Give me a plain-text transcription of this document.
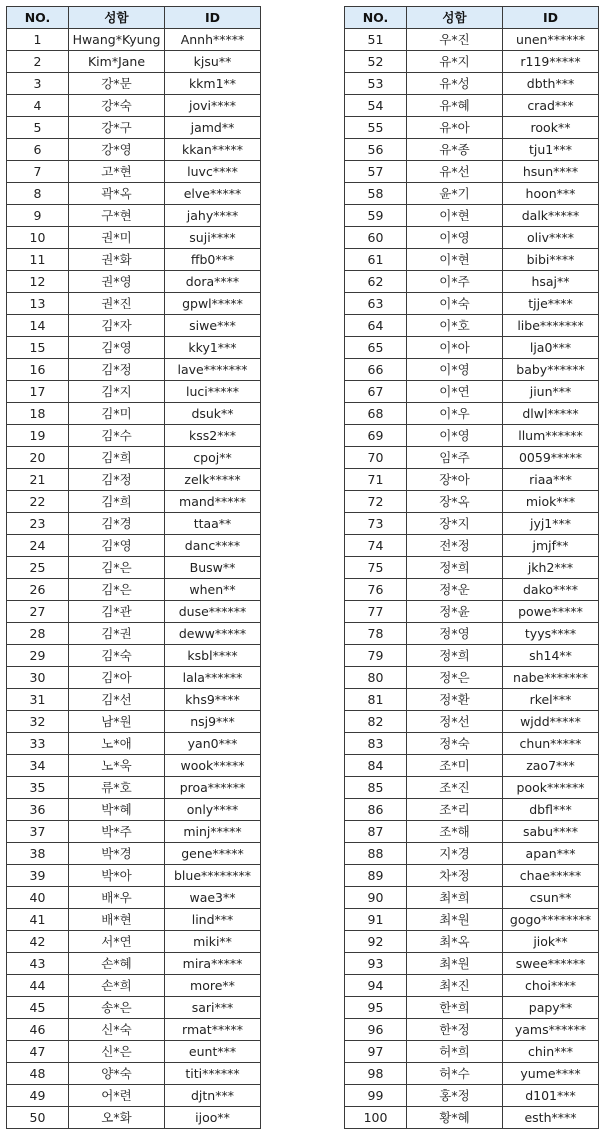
NO.	성함	ID
1	Hwang*Kyung	Annh*****
2	Kim*Jane	kjsu**
3	강*문	kkm1**
4	강*숙	jovi****
5	강*구	jamd**
6	강*영	kkan*****
7	고*현	luvc****
8	곽*옥	elve*****
9	구*현	jahy****
10	권*미	suji****
11	권*화	ffb0***
12	권*영	dora****
13	권*진	gpwl*****
14	김*자	siwe***
15	김*영	kky1***
16	김*정	lave*******
17	김*지	luci*****
18	김*미	dsuk**
19	김*수	kss2***
20	김*희	cpoj**
21	김*정	zelk*****
22	김*희	mand*****
23	김*경	ttaa**
24	김*영	danc****
25	김*은	Busw**
26	김*은	when**
27	김*관	duse******
28	김*권	deww*****
29	김*숙	ksbl****
30	김*아	lala******
31	김*선	khs9****
32	남*원	nsj9***
33	노*애	yan0***
34	노*욱	wook*****
35	류*호	proa******
36	박*혜	only****
37	박*주	minj*****
38	박*경	gene*****
39	박*아	blue********
40	배*우	wae3**
41	배*현	lind***
42	서*연	miki**
43	손*혜	mira*****
44	손*희	more**
45	송*은	sari***
46	신*숙	rmat*****
47	신*은	eunt***
48	양*숙	titi******
49	어*련	djtn***
50	오*화	ijoo**
NO.	성함	ID
51	우*진	unen******
52	유*지	r119*****
53	유*성	dbth***
54	유*혜	crad***
55	유*아	rook**
56	유*종	tju1***
57	유*선	hsun****
58	윤*기	hoon***
59	이*현	dalk*****
60	이*영	oliv****
61	이*현	bibi****
62	이*주	hsaj**
63	이*숙	tjje****
64	이*호	libe*******
65	이*아	lja0***
66	이*영	baby******
67	이*연	jiun***
68	이*우	dlwl*****
69	이*영	llum******
70	임*주	0059*****
71	장*아	riaa***
72	장*옥	miok***
73	장*지	jyj1***
74	전*정	jmjf**
75	정*희	jkh2***
76	정*운	dako****
77	정*윤	powe*****
78	정*영	tyys****
79	정*희	sh14**
80	정*은	nabe*******
81	정*환	rkel***
82	정*선	wjdd*****
83	정*숙	chun*****
84	조*미	zao7***
85	조*진	pook******
86	조*리	dbfl***
87	조*해	sabu****
88	지*경	apan***
89	차*정	chae*****
90	최*희	csun**
91	최*원	gogo********
92	최*옥	jiok**
93	최*원	swee******
94	최*진	choi****
95	한*희	papy**
96	한*정	yams******
97	허*희	chin***
98	허*수	yume****
99	홍*정	d101***
100	황*혜	esth****
